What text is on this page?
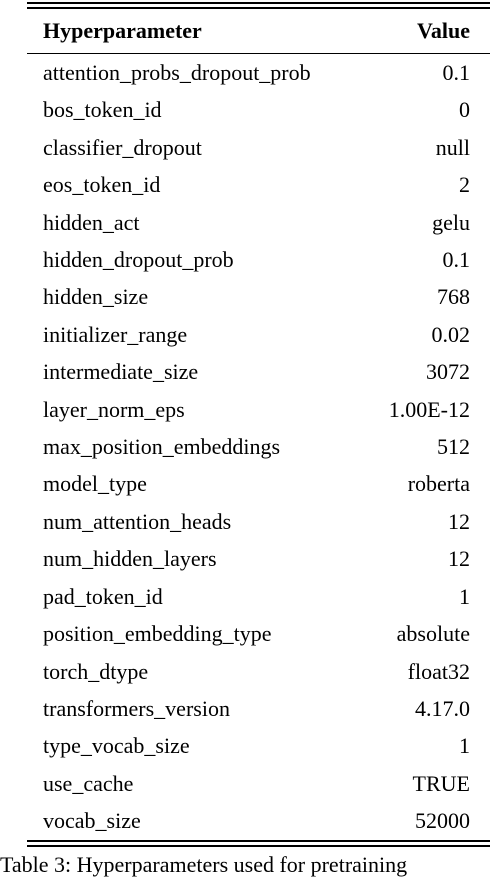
Hyperparameter	Value
attention_probs_dropout_prob	0.1
bos_token_id	0
classifier_dropout	null
eos_token_id	2
hidden_act	gelu
hidden_dropout_prob	0.1
hidden_size	768
initializer_range	0.02
intermediate_size	3072
layer_norm_eps	1.00E-12
max_position_embeddings	512
model_type	roberta
num_attention_heads	12
num_hidden_layers	12
pad_token_id	1
position_embedding_type	absolute
torch_dtype	float32
transformers_version	4.17.0
type_vocab_size	1
use_cache	TRUE
vocab_size	52000
Table 3: Hyperparameters used for pretraining
